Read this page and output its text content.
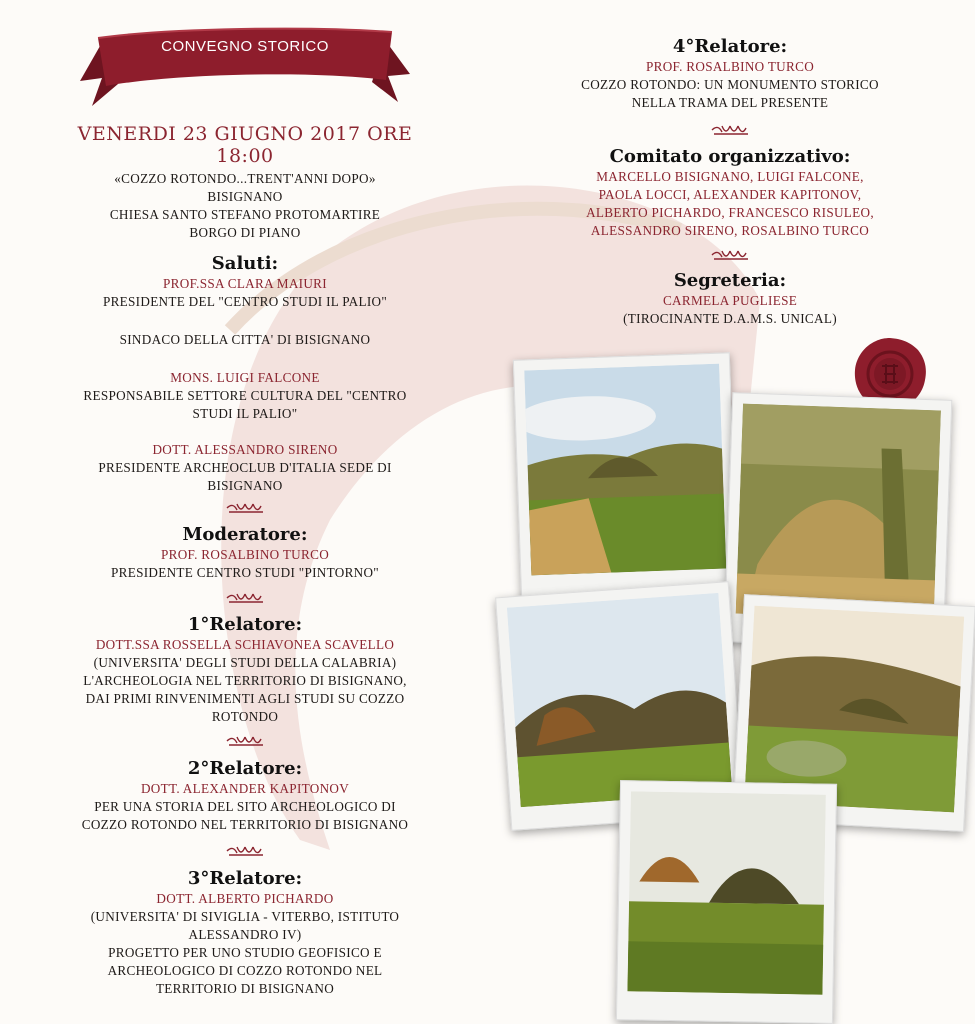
CONVEGNO STORICO
VENERDI 23 GIUGNO 2017 ORE 18:00
«COZZO ROTONDO...TRENT'ANNI DOPO»
BISIGNANO
CHIESA SANTO STEFANO PROTOMARTIRE
BORGO DI PIANO
Saluti:
PROF.SSA CLARA MAIURI
PRESIDENTE DEL "CENTRO STUDI IL PALIO"
SINDACO DELLA CITTA' DI BISIGNANO
MONS. LUIGI FALCONE
RESPONSABILE SETTORE CULTURA DEL "CENTRO
STUDI IL PALIO"
DOTT. ALESSANDRO SIRENO
PRESIDENTE ARCHEOCLUB D'ITALIA SEDE DI
BISIGNANO
Moderatore:
PROF. ROSALBINO TURCO
PRESIDENTE CENTRO STUDI "PINTORNO"
1°Relatore:
DOTT.SSA ROSSELLA SCHIAVONEA SCAVELLO
(UNIVERSITA' DEGLI STUDI DELLA CALABRIA)
L'ARCHEOLOGIA NEL TERRITORIO DI BISIGNANO,
DAI PRIMI RINVENIMENTI AGLI STUDI SU COZZO
ROTONDO
2°Relatore:
DOTT. ALEXANDER KAPITONOV
PER UNA STORIA DEL SITO ARCHEOLOGICO DI
COZZO ROTONDO NEL TERRITORIO DI BISIGNANO
3°Relatore:
DOTT. ALBERTO PICHARDO
(UNIVERSITA' DI SIVIGLIA - VITERBO, ISTITUTO
ALESSANDRO IV)
PROGETTO PER UNO STUDIO GEOFISICO E
ARCHEOLOGICO DI COZZO ROTONDO NEL
TERRITORIO DI BISIGNANO
4°Relatore:
PROF. ROSALBINO TURCO
COZZO ROTONDO: UN MONUMENTO STORICO
NELLA TRAMA DEL PRESENTE
Comitato organizzativo:
MARCELLO BISIGNANO, LUIGI FALCONE,
PAOLA LOCCI, ALEXANDER KAPITONOV,
ALBERTO PICHARDO, FRANCESCO RISULEO,
ALESSANDRO SIRENO, ROSALBINO TURCO
Segreteria:
CARMELA PUGLIESE
(TIROCINANTE D.A.M.S. UNICAL)
